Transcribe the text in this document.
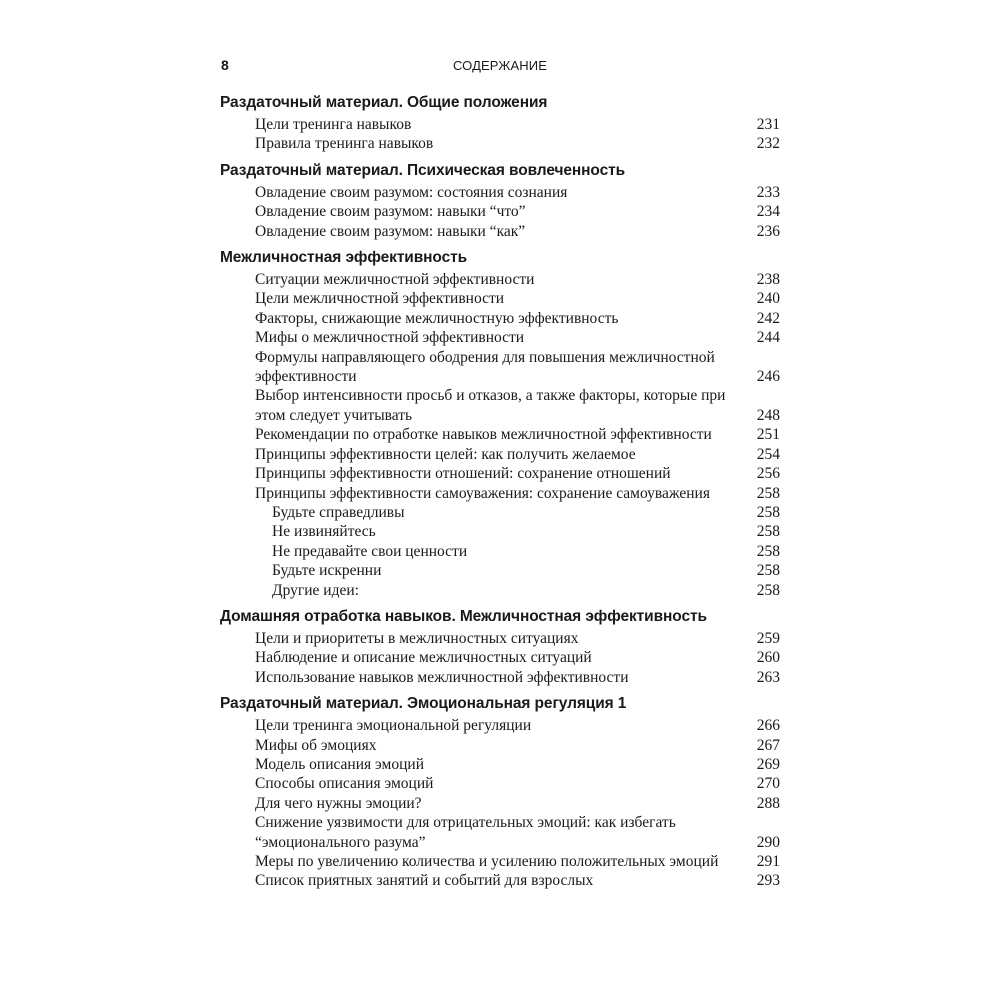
8	СОДЕРЖАНИЕ
Раздаточный материал. Общие положения
Цели тренинга навыков	231
Правила тренинга навыков	232
Раздаточный материал. Психическая вовлеченность
Овладение своим разумом: состояния сознания	233
Овладение своим разумом: навыки “что”	234
Овладение своим разумом: навыки “как”	236
Межличностная эффективность
Ситуации межличностной эффективности	238
Цели межличностной эффективности	240
Факторы, снижающие межличностную эффективность	242
Мифы о межличностной эффективности	244
Формулы направляющего ободрения для повышения межличностной эффективности	246
Выбор интенсивности просьб и отказов, а также факторы, которые при этом следует учитывать	248
Рекомендации по отработке навыков межличностной эффективности	251
Принципы эффективности целей: как получить желаемое	254
Принципы эффективности отношений: сохранение отношений	256
Принципы эффективности самоуважения: сохранение самоуважения	258
Будьте справедливы	258
Не извиняйтесь	258
Не предавайте свои ценности	258
Будьте искренни	258
Другие идеи:	258
Домашняя отработка навыков. Межличностная эффективность
Цели и приоритеты в межличностных ситуациях	259
Наблюдение и описание межличностных ситуаций	260
Использование навыков межличностной эффективности	263
Раздаточный материал. Эмоциональная регуляция 1
Цели тренинга эмоциональной регуляции	266
Мифы об эмоциях	267
Модель описания эмоций	269
Способы описания эмоций	270
Для чего нужны эмоции?	288
Снижение уязвимости для отрицательных эмоций: как избегать “эмоционального разума”	290
Меры по увеличению количества и усилению положительных эмоций	291
Список приятных занятий и событий для взрослых	293
